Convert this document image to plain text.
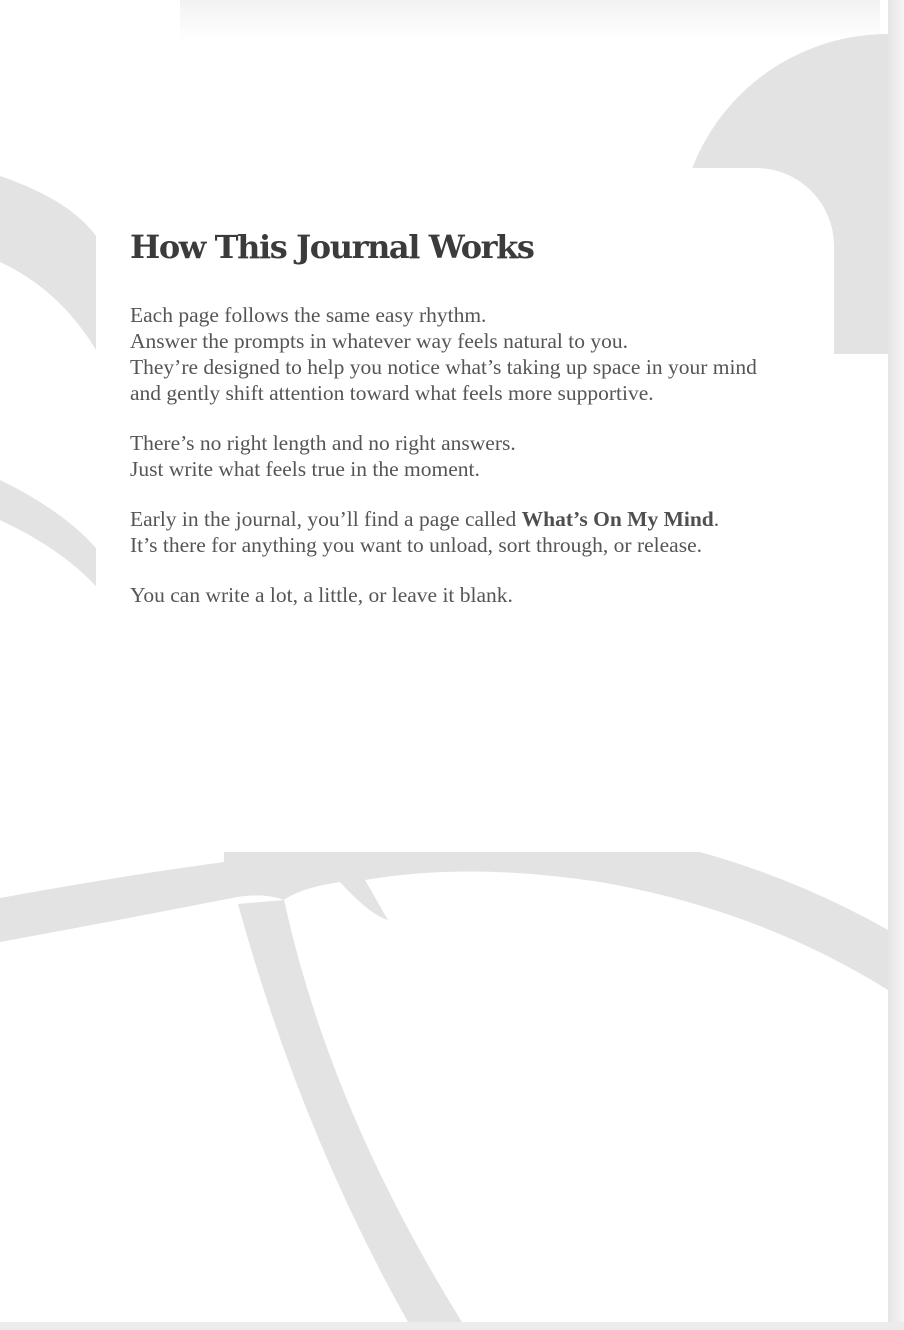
How This Journal Works

Each page follows the same easy rhythm.
Answer the prompts in whatever way feels natural to you.
They’re designed to help you notice what’s taking up space in your mind
and gently shift attention toward what feels more supportive.

There’s no right length and no right answers.
Just write what feels true in the moment.

Early in the journal, you’ll find a page called What’s On My Mind.
It’s there for anything you want to unload, sort through, or release.

You can write a lot, a little, or leave it blank.
